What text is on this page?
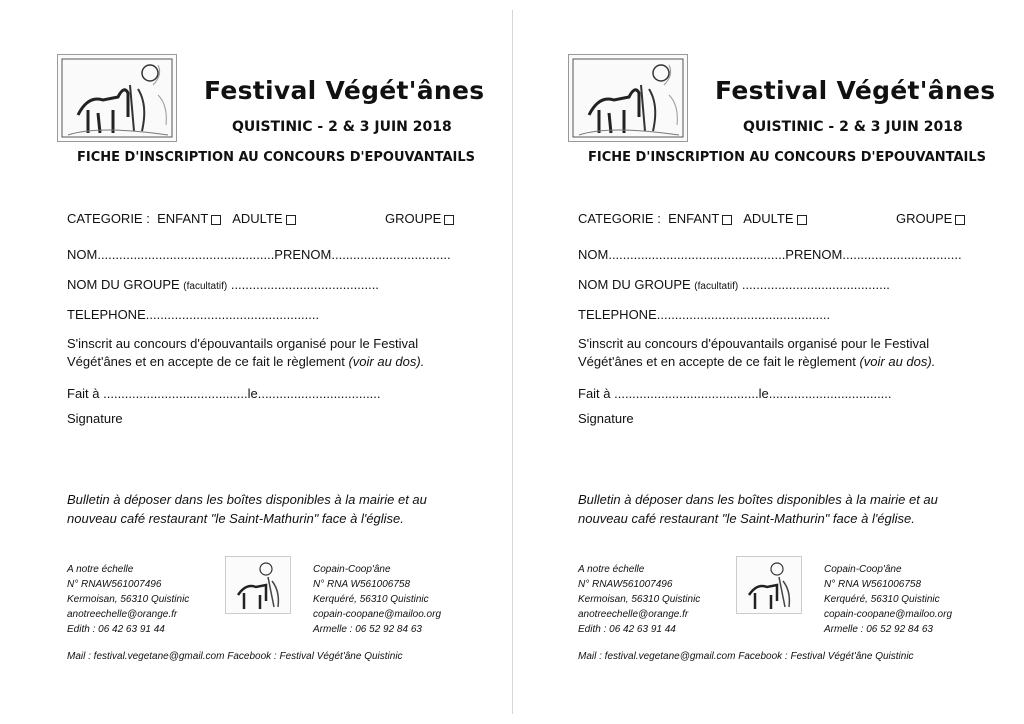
Festival Végét'ânes
QUISTINIC - 2 & 3 JUIN 2018
FICHE D'INSCRIPTION AU CONCOURS D'EPOUVANTAILS
CATEGORIE : ENFANT ADULTE	GROUPE
NOM.................................................PRENOM.................................
NOM DU GROUPE (facultatif) .........................................
TELEPHONE................................................
S'inscrit au concours d'épouvantails organisé pour le Festival Végét'ânes et en accepte de ce fait le règlement (voir au dos).
Fait à ........................................le..................................
Signature
Bulletin à déposer dans les boîtes disponibles à la mairie et au nouveau café restaurant "le Saint-Mathurin" face à l'église.
A notre échelle
N° RNAW561007496
Kermoisan, 56310 Quistinic
anotreechelle@orange.fr
Edith : 06 42 63 91 44
Copain-Coop'âne
N° RNA W561006758
Kerquéré, 56310 Quistinic
copain-coopane@mailoo.org
Armelle : 06 52 92 84 63
Mail : festival.vegetane@gmail.com Facebook : Festival Végét'âne Quistinic
Festival Végét'ânes
QUISTINIC - 2 & 3 JUIN 2018
FICHE D'INSCRIPTION AU CONCOURS D'EPOUVANTAILS
CATEGORIE : ENFANT ADULTE	GROUPE
NOM.................................................PRENOM.................................
NOM DU GROUPE (facultatif) .........................................
TELEPHONE................................................
S'inscrit au concours d'épouvantails organisé pour le Festival Végét'ânes et en accepte de ce fait le règlement (voir au dos).
Fait à ........................................le..................................
Signature
Bulletin à déposer dans les boîtes disponibles à la mairie et au nouveau café restaurant "le Saint-Mathurin" face à l'église.
A notre échelle
N° RNAW561007496
Kermoisan, 56310 Quistinic
anotreechelle@orange.fr
Edith : 06 42 63 91 44
Copain-Coop'âne
N° RNA W561006758
Kerquéré, 56310 Quistinic
copain-coopane@mailoo.org
Armelle : 06 52 92 84 63
Mail : festival.vegetane@gmail.com Facebook : Festival Végét'âne Quistinic
